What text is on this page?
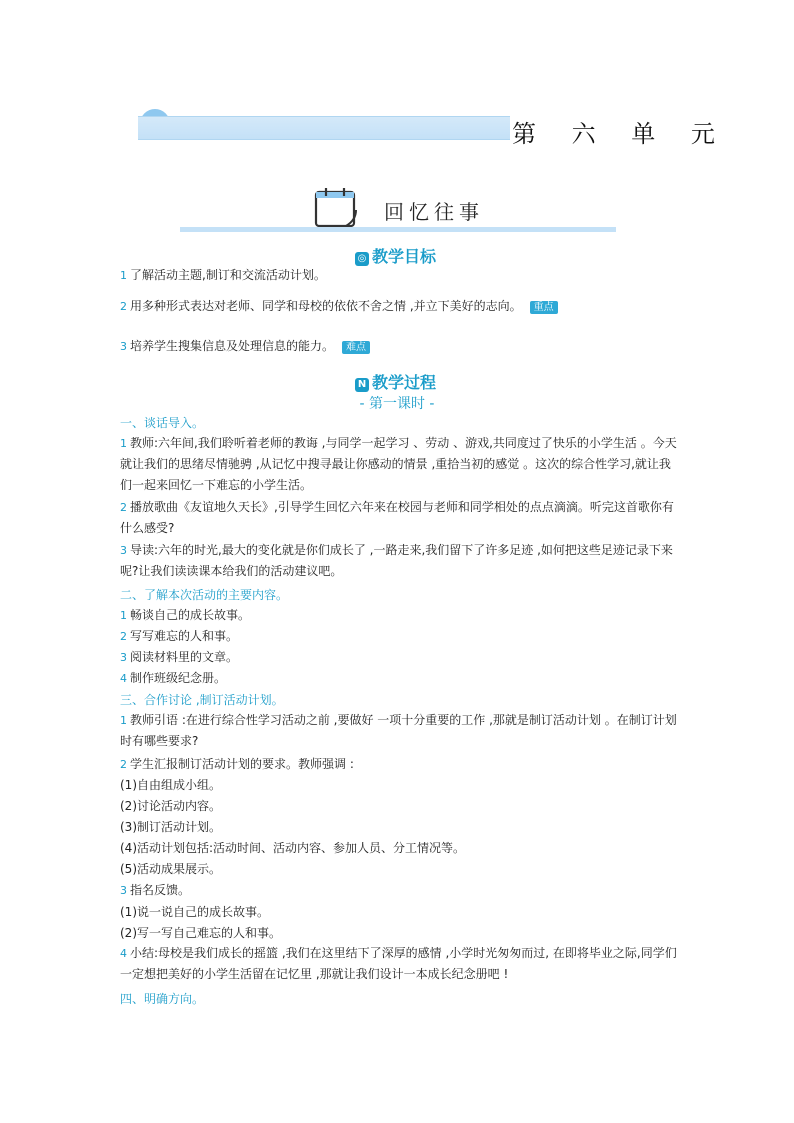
第 六 单 元
回忆往事
◎ 教学目标
1 了解活动主题,制订和交流活动计划。
2 用多种形式表达对老师、同学和母校的依依不舍之情 ,并立下美好的志向。 重点
3 培养学生搜集信息及处理信息的能力。 难点
N 教学过程
- 第一课时 -
一、谈话导入。
1 教师:六年间,我们聆听着老师的教诲 ,与同学一起学习 、劳动 、游戏,共同度过了快乐的小学生活 。今天就让我们的思绪尽情驰骋 ,从记忆中搜寻最让你感动的情景 ,重拾当初的感觉 。这次的综合性学习,就让我们一起来回忆一下难忘的小学生活。
2 播放歌曲《友谊地久天长》,引导学生回忆六年来在校园与老师和同学相处的点点滴滴。听完这首歌你有什么感受?
3 导读:六年的时光,最大的变化就是你们成长了 ,一路走来,我们留下了许多足迹 ,如何把这些足迹记录下来呢?让我们读读课本给我们的活动建议吧。
二、了解本次活动的主要内容。
1 畅谈自己的成长故事。
2 写写难忘的人和事。
3 阅读材料里的文章。
4 制作班级纪念册。
三、合作讨论 ,制订活动计划。
1 教师引语 :在进行综合性学习活动之前 ,要做好 一项十分重要的工作 ,那就是制订活动计划 。在制订计划时有哪些要求?
2 学生汇报制订活动计划的要求。教师强调 :
(1)自由组成小组。
(2)讨论活动内容。
(3)制订活动计划。
(4)活动计划包括:活动时间、活动内容、参加人员、分工情况等。
(5)活动成果展示。
3 指名反馈。
(1)说一说自己的成长故事。
(2)写一写自己难忘的人和事。
4 小结:母校是我们成长的摇篮 ,我们在这里结下了深厚的感情 ,小学时光匆匆而过, 在即将毕业之际,同学们一定想把美好的小学生活留在记忆里 ,那就让我们设计一本成长纪念册吧 !
四、明确方向。
